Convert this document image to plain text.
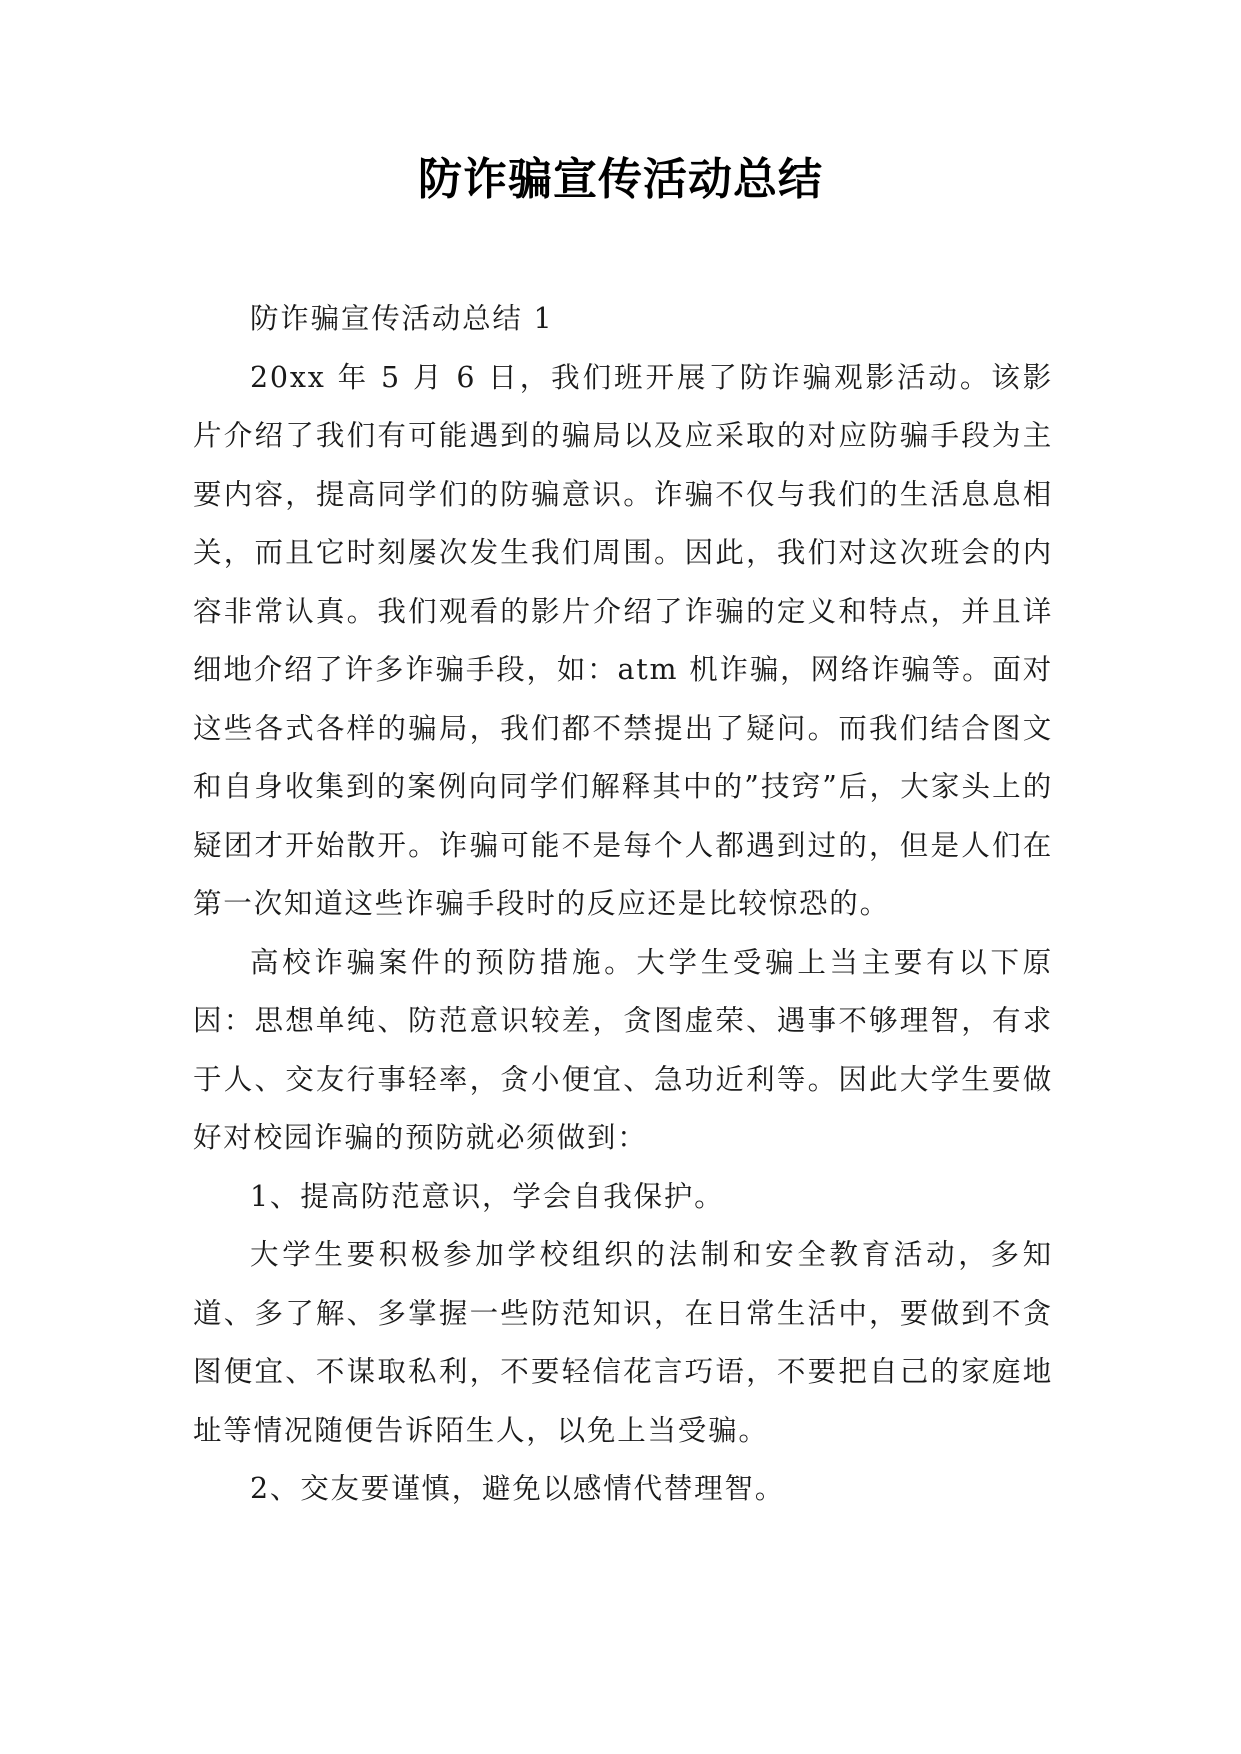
防诈骗宣传活动总结

防诈骗宣传活动总结 1

20xx 年 5 月 6 日，我们班开展了防诈骗观影活动。该影片介绍了我们有可能遇到的骗局以及应采取的对应防骗手段为主要内容，提高同学们的防骗意识。诈骗不仅与我们的生活息息相关，而且它时刻屡次发生我们周围。因此，我们对这次班会的内容非常认真。我们观看的影片介绍了诈骗的定义和特点，并且详细地介绍了许多诈骗手段，如：atm 机诈骗，网络诈骗等。面对这些各式各样的骗局，我们都不禁提出了疑问。而我们结合图文和自身收集到的案例向同学们解释其中的”技窍”后，大家头上的疑团才开始散开。诈骗可能不是每个人都遇到过的，但是人们在第一次知道这些诈骗手段时的反应还是比较惊恐的。

高校诈骗案件的预防措施。大学生受骗上当主要有以下原因：思想单纯、防范意识较差，贪图虚荣、遇事不够理智，有求于人、交友行事轻率，贪小便宜、急功近利等。因此大学生要做好对校园诈骗的预防就必须做到：

1、提高防范意识，学会自我保护。

大学生要积极参加学校组织的法制和安全教育活动，多知道、多了解、多掌握一些防范知识，在日常生活中，要做到不贪图便宜、不谋取私利，不要轻信花言巧语，不要把自己的家庭地址等情况随便告诉陌生人，以免上当受骗。

2、交友要谨慎，避免以感情代替理智。
